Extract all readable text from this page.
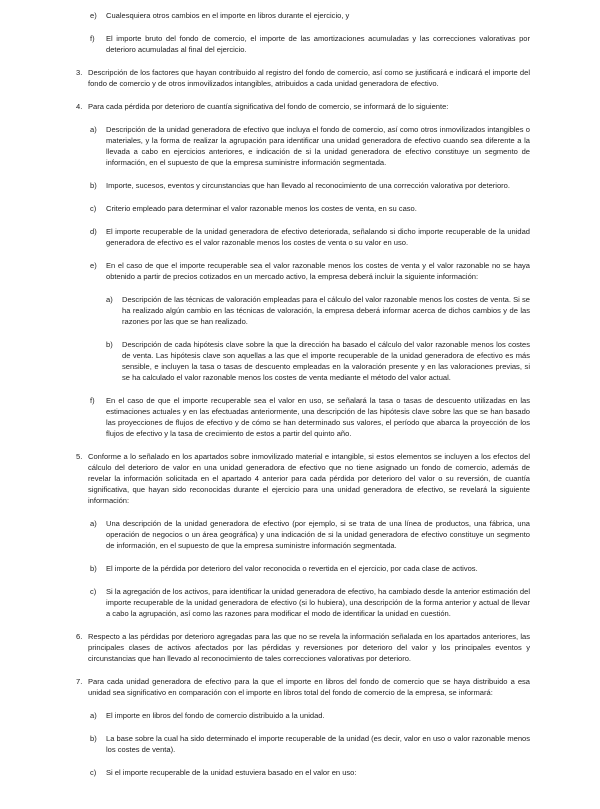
e) Cualesquiera otros cambios en el importe en libros durante el ejercicio, y
f) El importe bruto del fondo de comercio, el importe de las amortizaciones acumuladas y las correcciones valorativas por deterioro acumuladas al final del ejercicio.
3. Descripción de los factores que hayan contribuido al registro del fondo de comercio, así como se justificará e indicará el importe del fondo de comercio y de otros inmovilizados intangibles, atribuidos a cada unidad generadora de efectivo.
4. Para cada pérdida por deterioro de cuantía significativa del fondo de comercio, se informará de lo siguiente:
a) Descripción de la unidad generadora de efectivo que incluya el fondo de comercio, así como otros inmovilizados intangibles o materiales, y la forma de realizar la agrupación para identificar una unidad generadora de efectivo cuando sea diferente a la llevada a cabo en ejercicios anteriores, e indicación de si la unidad generadora de efectivo constituye un segmento de información, en el supuesto de que la empresa suministre información segmentada.
b) Importe, sucesos, eventos y circunstancias que han llevado al reconocimiento de una corrección valorativa por deterioro.
c) Criterio empleado para determinar el valor razonable menos los costes de venta, en su caso.
d) El importe recuperable de la unidad generadora de efectivo deteriorada, señalando si dicho importe recuperable de la unidad generadora de efectivo es el valor razonable menos los costes de venta o su valor en uso.
e) En el caso de que el importe recuperable sea el valor razonable menos los costes de venta y el valor razonable no se haya obtenido a partir de precios cotizados en un mercado activo, la empresa deberá incluir la siguiente información:
a) Descripción de las técnicas de valoración empleadas para el cálculo del valor razonable menos los costes de venta. Si se ha realizado algún cambio en las técnicas de valoración, la empresa deberá informar acerca de dichos cambios y de las razones por las que se han realizado.
b) Descripción de cada hipótesis clave sobre la que la dirección ha basado el cálculo del valor razonable menos los costes de venta. Las hipótesis clave son aquellas a las que el importe recuperable de la unidad generadora de efectivo es más sensible, e incluyen la tasa o tasas de descuento empleadas en la valoración presente y en las valoraciones previas, si se ha calculado el valor razonable menos los costes de venta mediante el método del valor actual.
f) En el caso de que el importe recuperable sea el valor en uso, se señalará la tasa o tasas de descuento utilizadas en las estimaciones actuales y en las efectuadas anteriormente, una descripción de las hipótesis clave sobre las que se han basado las proyecciones de flujos de efectivo y de cómo se han determinado sus valores, el período que abarca la proyección de los flujos de efectivo y la tasa de crecimiento de estos a partir del quinto año.
5. Conforme a lo señalado en los apartados sobre inmovilizado material e intangible, si estos elementos se incluyen a los efectos del cálculo del deterioro de valor en una unidad generadora de efectivo que no tiene asignado un fondo de comercio, además de revelar la información solicitada en el apartado 4 anterior para cada pérdida por deterioro del valor o su reversión, de cuantía significativa, que hayan sido reconocidas durante el ejercicio para una unidad generadora de efectivo, se revelará la siguiente información:
a) Una descripción de la unidad generadora de efectivo (por ejemplo, si se trata de una línea de productos, una fábrica, una operación de negocios o un área geográfica) y una indicación de si la unidad generadora de efectivo constituye un segmento de información, en el supuesto de que la empresa suministre información segmentada.
b) El importe de la pérdida por deterioro del valor reconocida o revertida en el ejercicio, por cada clase de activos.
c) Si la agregación de los activos, para identificar la unidad generadora de efectivo, ha cambiado desde la anterior estimación del importe recuperable de la unidad generadora de efectivo (si lo hubiera), una descripción de la forma anterior y actual de llevar a cabo la agrupación, así como las razones para modificar el modo de identificar la unidad en cuestión.
6. Respecto a las pérdidas por deterioro agregadas para las que no se revela la información señalada en los apartados anteriores, las principales clases de activos afectados por las pérdidas y reversiones por deterioro del valor y los principales eventos y circunstancias que han llevado al reconocimiento de tales correcciones valorativas por deterioro.
7. Para cada unidad generadora de efectivo para la que el importe en libros del fondo de comercio que se haya distribuido a esa unidad sea significativo en comparación con el importe en libros total del fondo de comercio de la empresa, se informará:
a) El importe en libros del fondo de comercio distribuido a la unidad.
b) La base sobre la cual ha sido determinado el importe recuperable de la unidad (es decir, valor en uso o valor razonable menos los costes de venta).
c) Si el importe recuperable de la unidad estuviera basado en el valor en uso:
